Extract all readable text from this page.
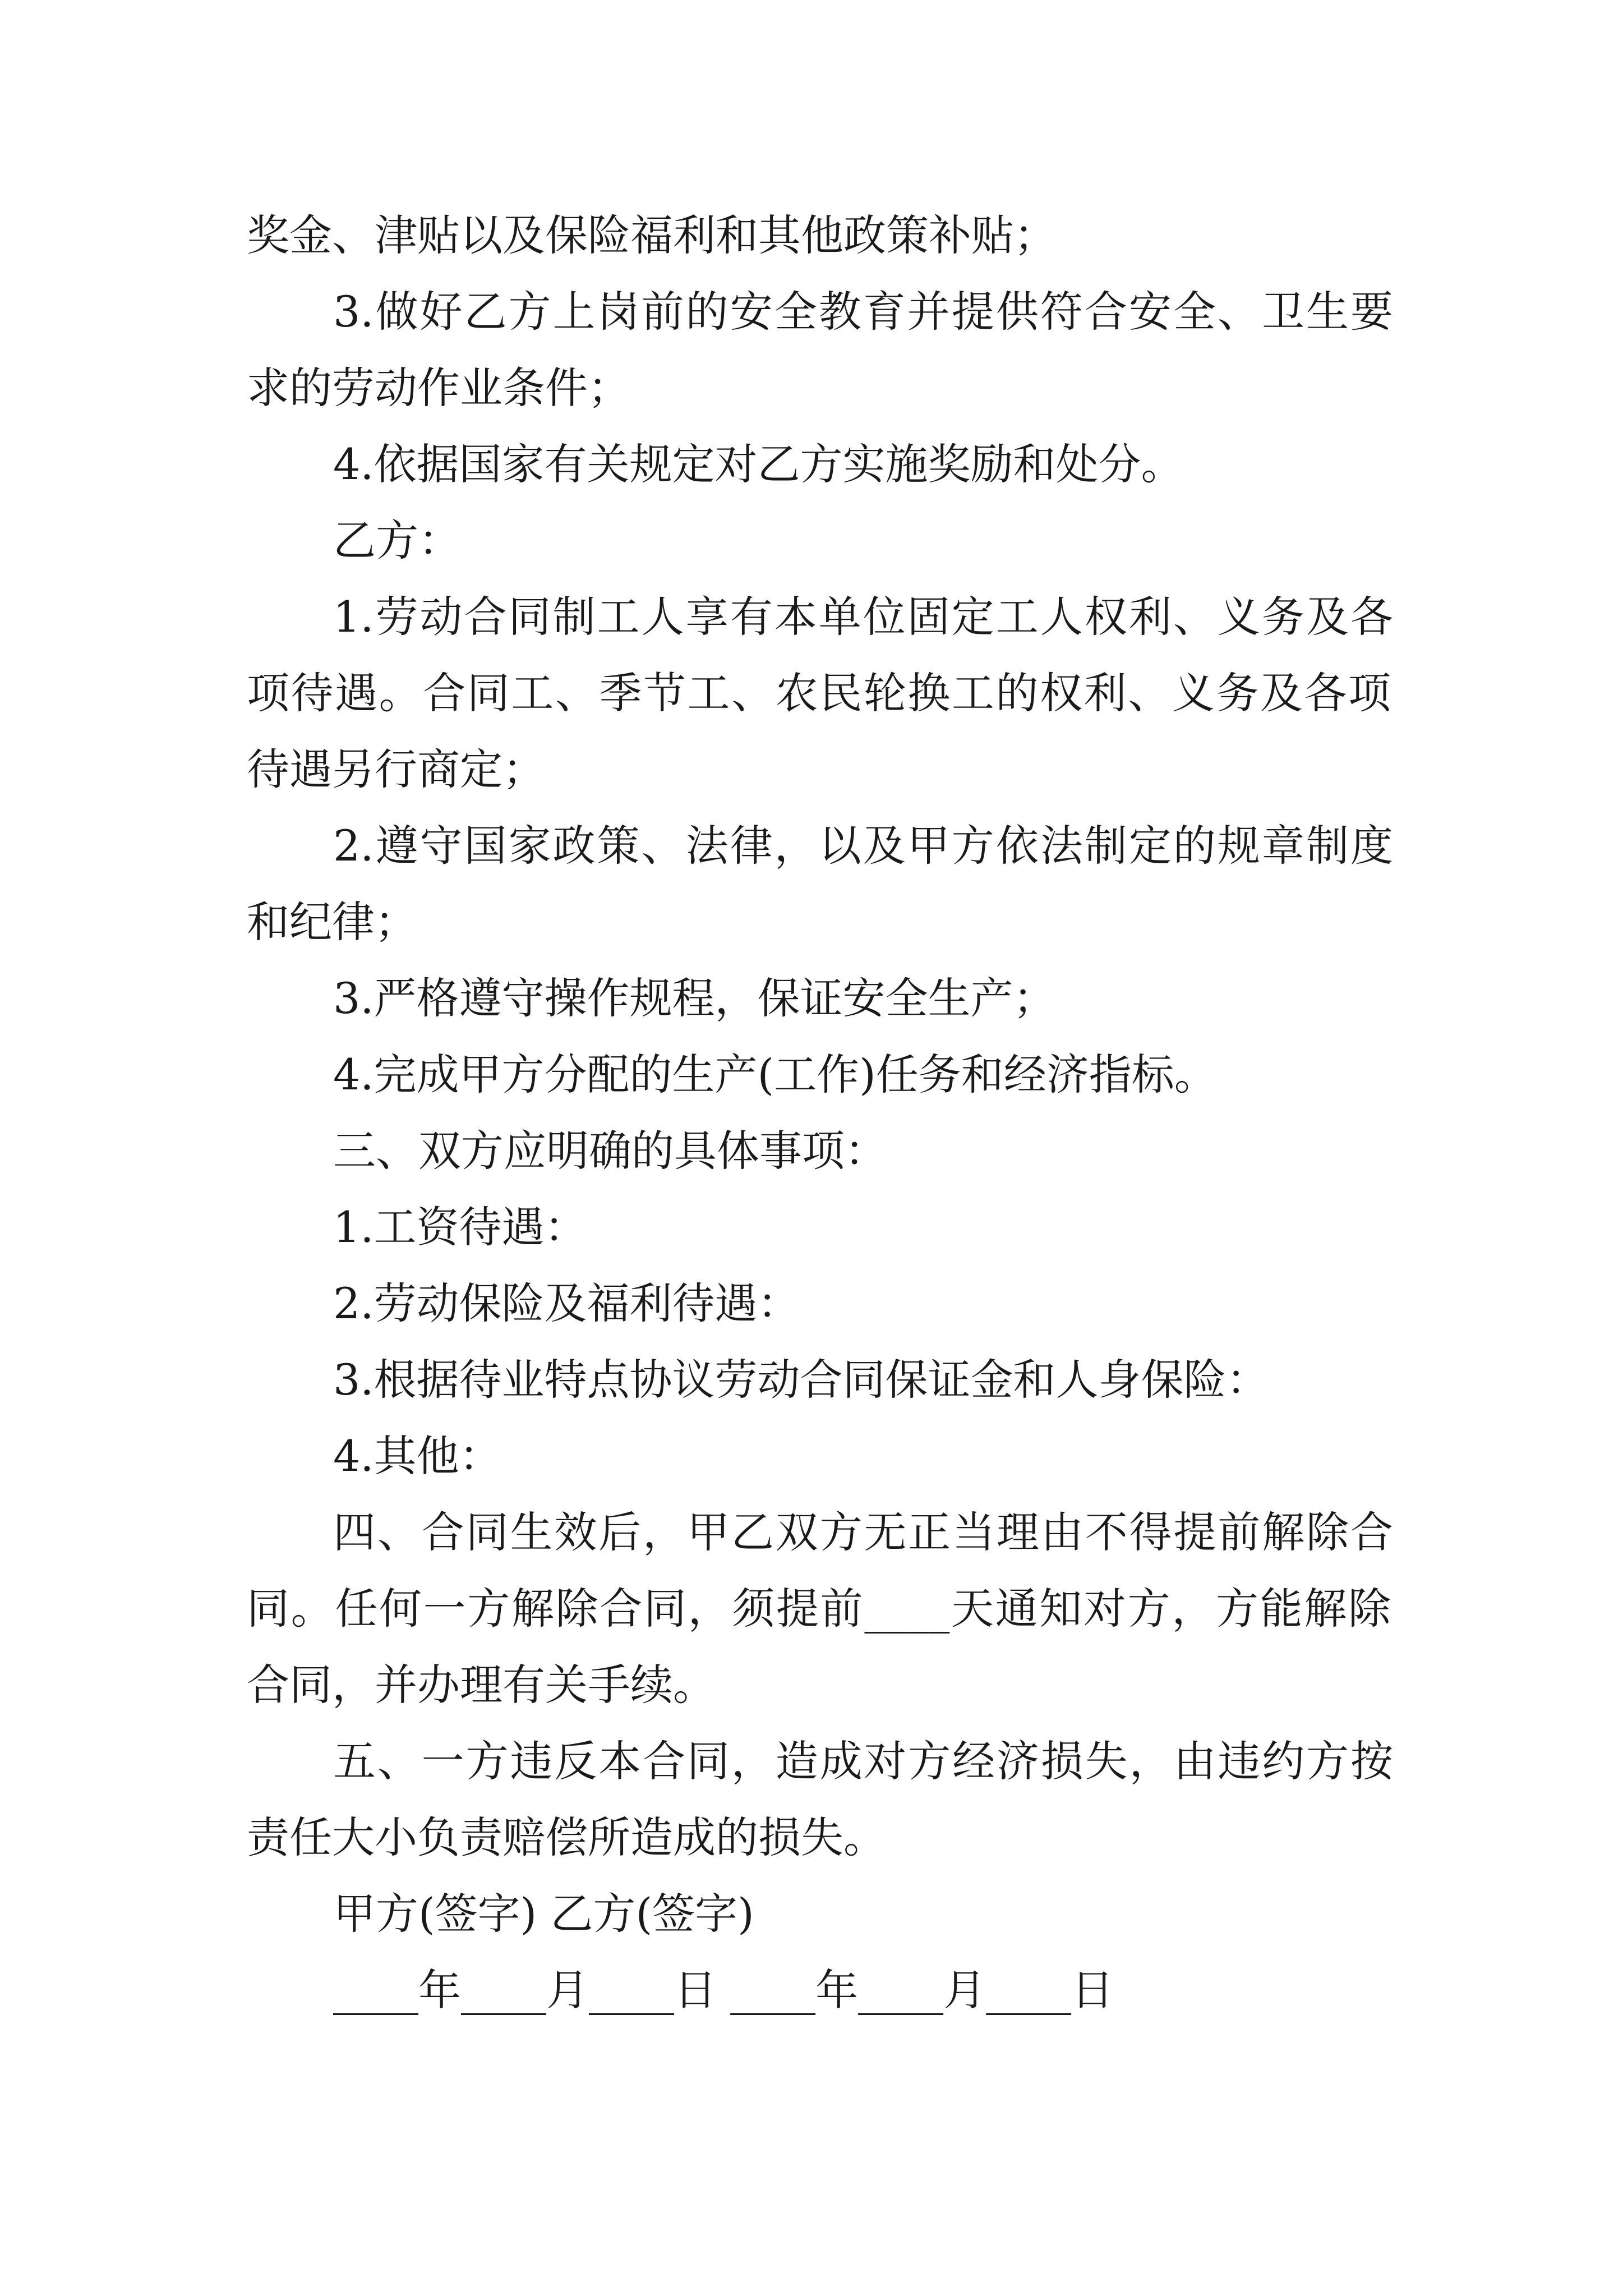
奖金、津贴以及保险福利和其他政策补贴；
3.做好乙方上岗前的安全教育并提供符合安全、卫生要
求的劳动作业条件；
4.依据国家有关规定对乙方实施奖励和处分。
乙方：
1.劳动合同制工人享有本单位固定工人权利、义务及各
项待遇。合同工、季节工、农民轮换工的权利、义务及各项
待遇另行商定；
2.遵守国家政策、法律，以及甲方依法制定的规章制度
和纪律；
3.严格遵守操作规程，保证安全生产；
4.完成甲方分配的生产(工作)任务和经济指标。
三、双方应明确的具体事项：
1.工资待遇：
2.劳动保险及福利待遇：
3.根据待业特点协议劳动合同保证金和人身保险：
4.其他：
四、合同生效后，甲乙双方无正当理由不得提前解除合
同。任何一方解除合同，须提前____天通知对方，方能解除
合同，并办理有关手续。
五、一方违反本合同，造成对方经济损失，由违约方按
责任大小负责赔偿所造成的损失。
甲方(签字) 乙方(签字)
____年____月____日 ____年____月____日
